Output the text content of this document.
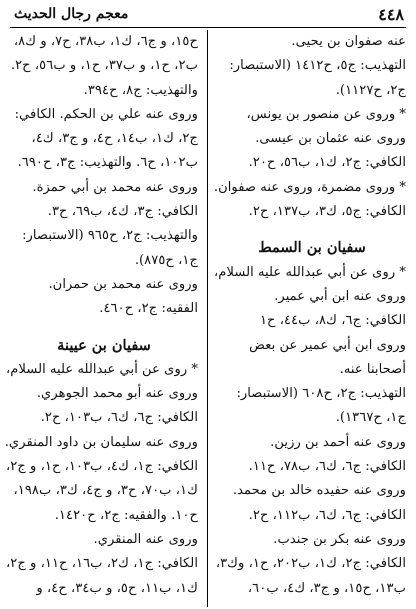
٤٤٨
معجم رجال الحديث
عنه صفوان بن يحيى.
التهذيب: ج٥، ح١٤١٢ (الاستبصار:
ج٢، ح١١٢٧).
* وروى عن منصور بن يونس،
وروى عنه عثمان بن عيسى.
الكافي: ج٢، ك١، ب٥٦، ح٢٠.
* وروى مضمرة، وروى عنه صفوان.
الكافي: ج٥، ك٣، ب١٣٧، ح٢.
سفيان بن السمط
* روى عن أبي عبدالله عليه السلام،
وروى عنه ابن أبي عمير.
الكافي: ج٦، ك٨، ب٤٤، ح١
وروى ابن أبي عمير عن بعض
أصحابنا عنه.
التهذيب: ج٢، ح٦٠٨ (الاستبصار:
ج١، ح١٣٦٧).
وروى عنه أحمد بن رزين.
الكافي: ج٦، ك٦، ب٧٨، ح١١.
وروى عنه حفيده خالد بن محمد.
الكافي: ج٦، ك٦، ب١١٢، ح٢.
وروى عنه بكر بن جندب.
الكافي: ج٢، ك١، ب٢٠٢، ح١، وك٣،
ب١٣، ح١٥، و ج٣، ك٤، ب٦٠،
ح١٥، و ج٦، ك١، ب٣٨، ح٧، و ك٨،
ب٢، ح١، و ب٣٧، ح١، و ب٥٦، ح٢.
والتهذيب: ج٨، ح٣٩٤.
وروى عنه علي بن الحكم. الكافي:
ج٢، ك١، ب١٤، ح٤، و ج٣، ك٤،
ب١٠٢، ح٦. والتهذيب: ج٣، ح٦٩٠.
وروى عنه محمد بن أبي حمزة.
الكافي: ج٣، ك٤، ب٦٩، ح٣.
والتهذيب: ج٢، ح٩٦٥ (الاستبصار:
ج١، ح٨٧٥).
وروى عنه محمد بن حمران.
الفقيه: ج٢، ح٤٦٠.
سفيان بن عيينة
* روى عن أبي عبدالله عليه السلام،
وروى عنه أبو محمد الجوهري.
الكافي: ج٦، ك٦، ب١٠٣، ح٢.
وروى عنه سليمان بن داود المنقري.
الكافي: ج١، ك٤، ب١٠٣، ح١، و ج٢،
ك١، ب٧٠، ح٣، و ج٤، ك٣، ب١٩٨،
ح١٠. والفقيه: ج٢، ح١٤٢٠.
وروى عنه المنقري.
الكافي: ج١، ك٢، ب١٦، ح١١، و ج٢،
ك١، ب١١، ح٥، و ب٣٤، ح٤، و
